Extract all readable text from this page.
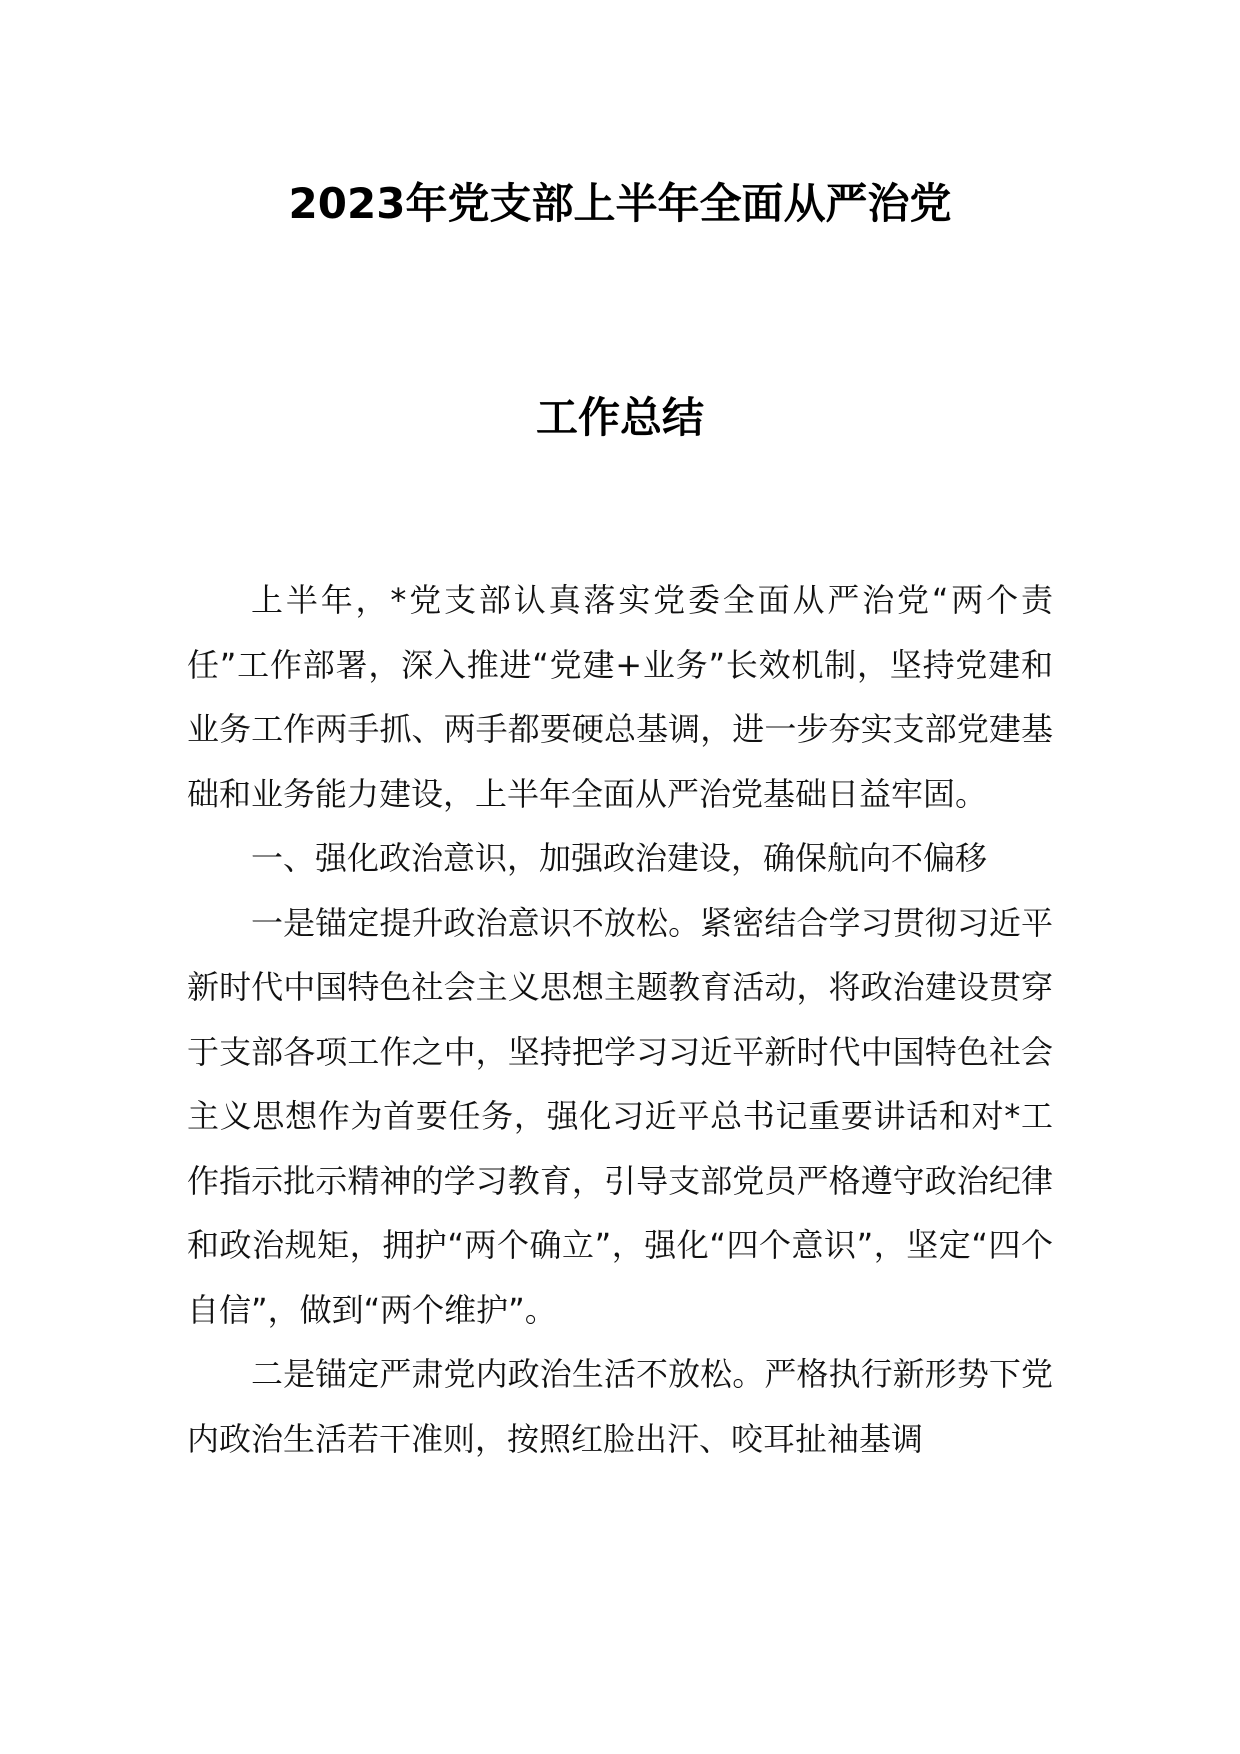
2023年党支部上半年全面从严治党
工作总结

上半年，*党支部认真落实党委全面从严治党“两个责任”工作部署，深入推进“党建+业务”长效机制，坚持党建和业务工作两手抓、两手都要硬总基调，进一步夯实支部党建基础和业务能力建设，上半年全面从严治党基础日益牢固。

一、强化政治意识，加强政治建设，确保航向不偏移

一是锚定提升政治意识不放松。紧密结合学习贯彻习近平新时代中国特色社会主义思想主题教育活动，将政治建设贯穿于支部各项工作之中，坚持把学习习近平新时代中国特色社会主义思想作为首要任务，强化习近平总书记重要讲话和对*工作指示批示精神的学习教育，引导支部党员严格遵守政治纪律和政治规矩，拥护“两个确立”，强化“四个意识”，坚定“四个自信”，做到“两个维护”。

二是锚定严肃党内政治生活不放松。严格执行新形势下党内政治生活若干准则，按照红脸出汗、咬耳扯袖基调
